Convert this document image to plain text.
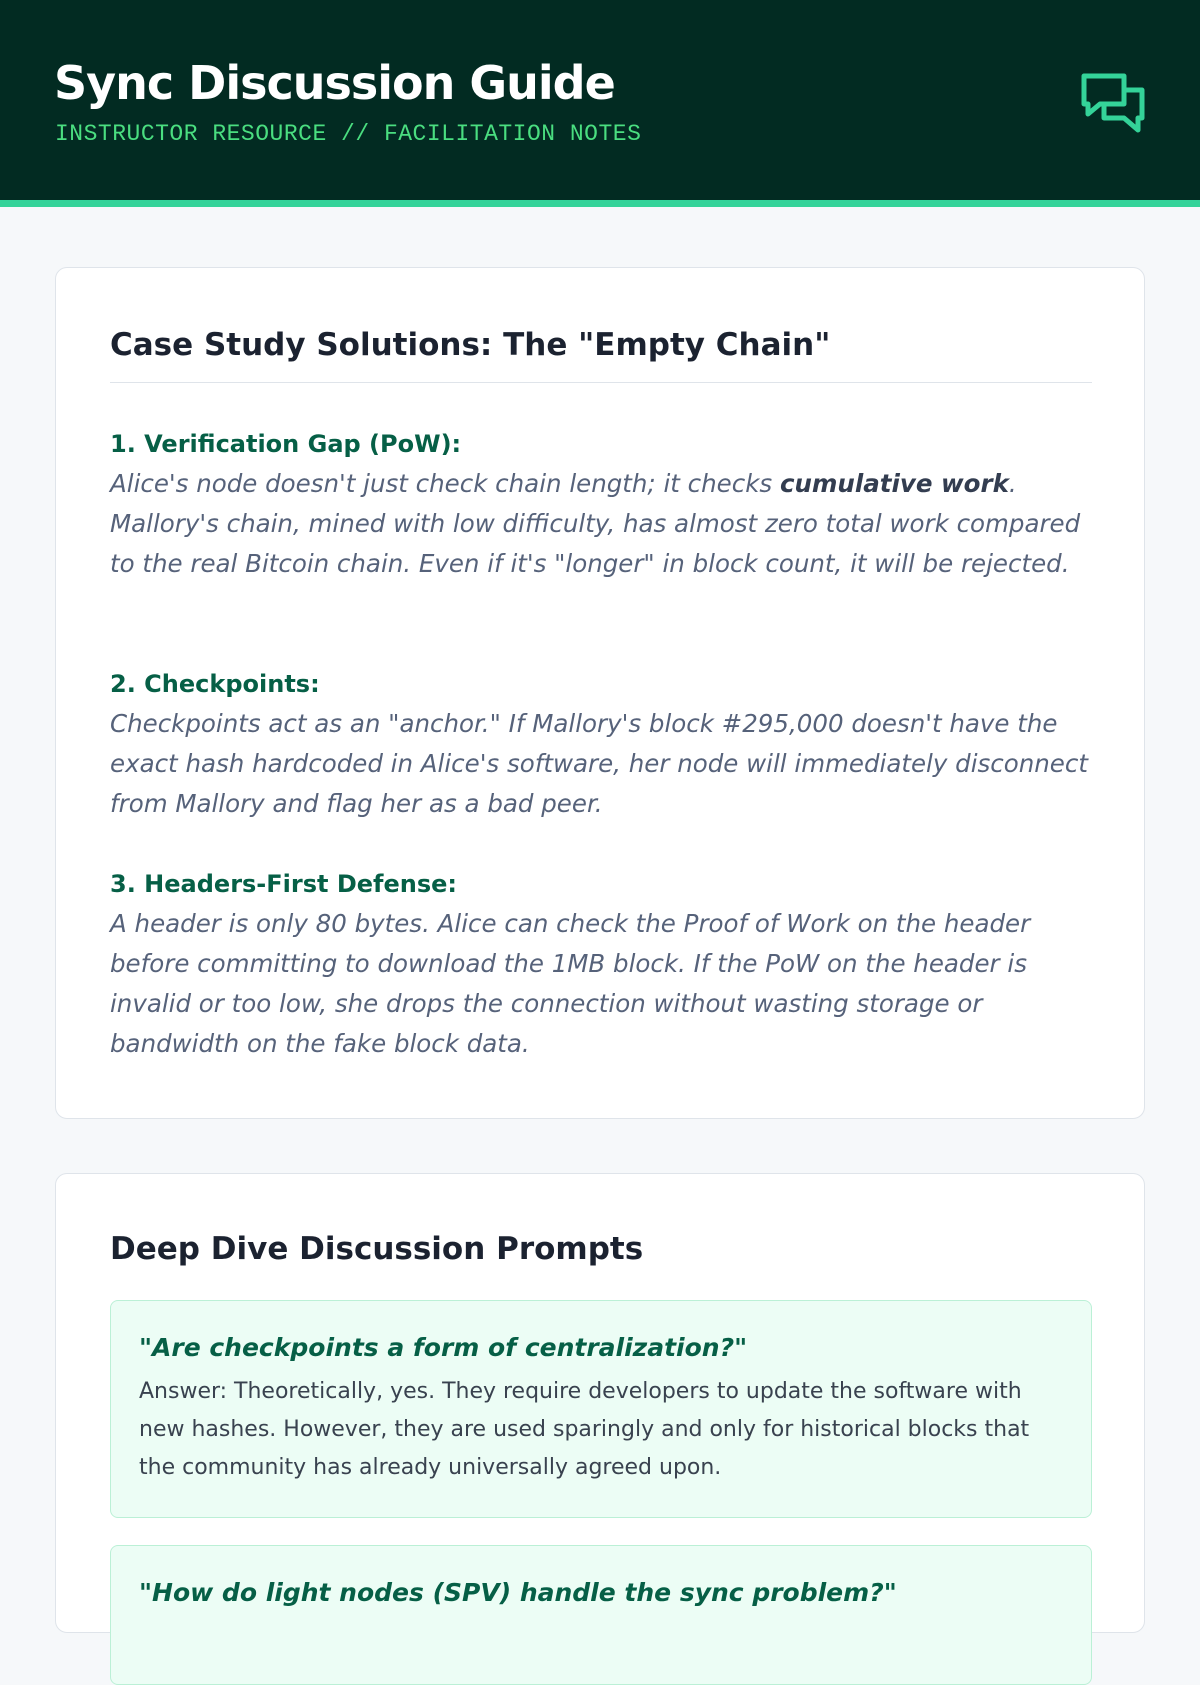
Sync Discussion Guide
INSTRUCTOR RESOURCE // FACILITATION NOTES
Case Study Solutions: The "Empty Chain"
1. Verification Gap (PoW):
Alice's node doesn't just check chain length; it checks cumulative work. Mallory's chain, mined with low difficulty, has almost zero total work compared to the real Bitcoin chain. Even if it's "longer" in block count, it will be rejected.
2. Checkpoints:
Checkpoints act as an "anchor." If Mallory's block #295,000 doesn't have the exact hash hardcoded in Alice's software, her node will immediately disconnect from Mallory and flag her as a bad peer.
3. Headers-First Defense:
A header is only 80 bytes. Alice can check the Proof of Work on the header before committing to download the 1MB block. If the PoW on the header is invalid or too low, she drops the connection without wasting storage or bandwidth on the fake block data.
Deep Dive Discussion Prompts
"Are checkpoints a form of centralization?"
Answer: Theoretically, yes. They require developers to update the software with new hashes. However, they are used sparingly and only for historical blocks that the community has already universally agreed upon.
"How do light nodes (SPV) handle the sync problem?"
